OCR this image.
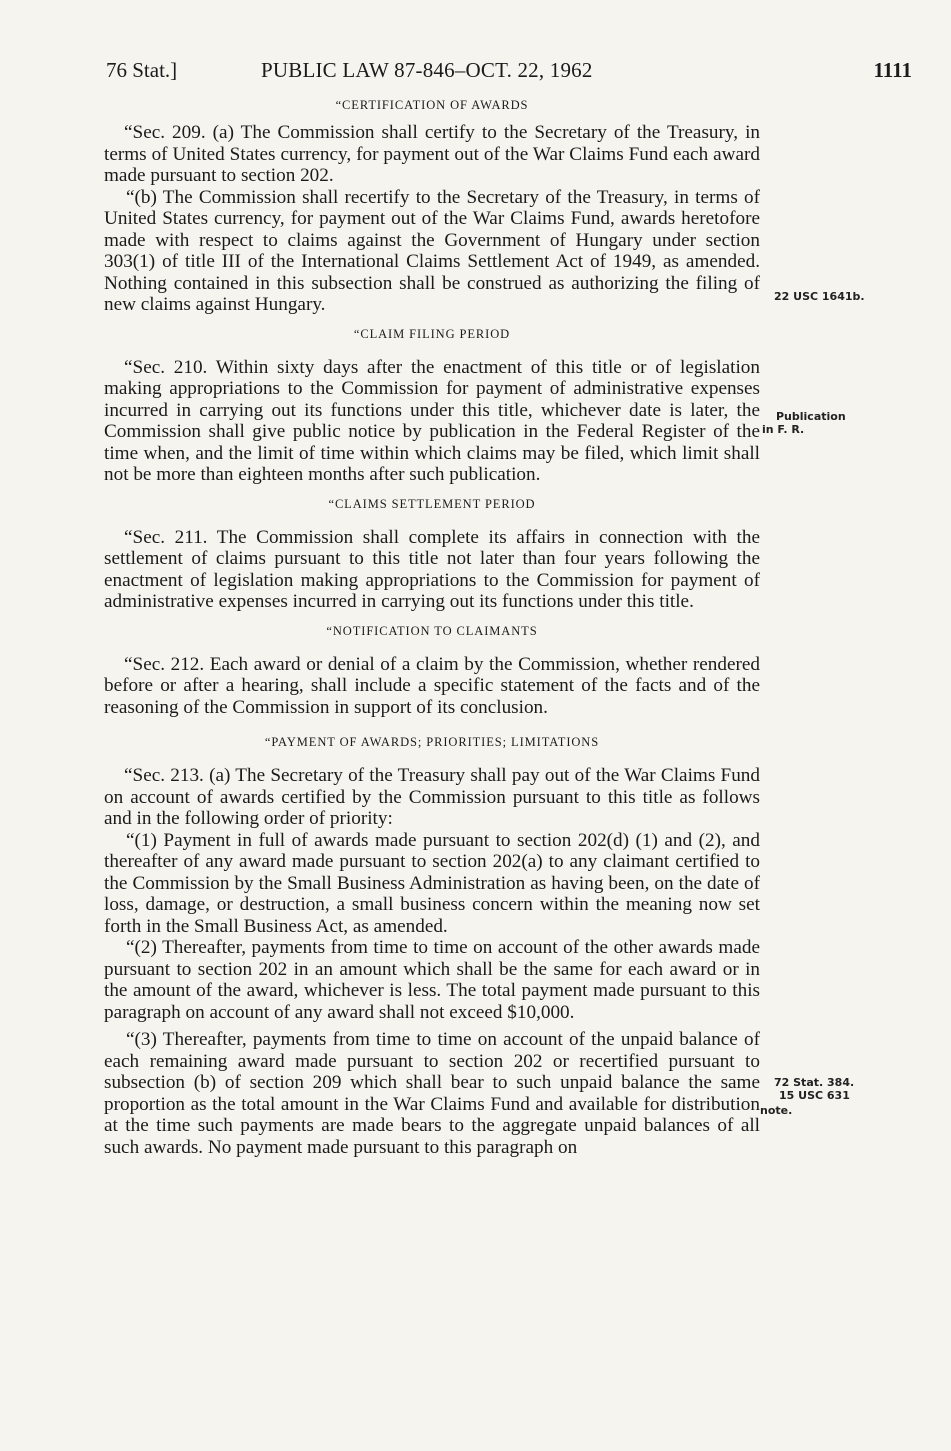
76 Stat.]	PUBLIC LAW 87-846–OCT. 22, 1962	1111
“CERTIFICATION OF AWARDS

“Sec. 209. (a) The Commission shall certify to the Secretary of the Treasury, in terms of United States currency, for payment out of the War Claims Fund each award made pursuant to section 202.

“(b) The Commission shall recertify to the Secretary of the Treasury, in terms of United States currency, for payment out of the War Claims Fund, awards heretofore made with respect to claims against the Government of Hungary under section 303(1) of title III of the International Claims Settlement Act of 1949, as amended. Nothing contained in this subsection shall be construed as authorizing the filing of new claims against Hungary.

“CLAIM FILING PERIOD

“Sec. 210. Within sixty days after the enactment of this title or of legislation making appropriations to the Commission for payment of administrative expenses incurred in carrying out its functions under this title, whichever date is later, the Commission shall give public notice by publication in the Federal Register of the time when, and the limit of time within which claims may be filed, which limit shall not be more than eighteen months after such publication.

“CLAIMS SETTLEMENT PERIOD

“Sec. 211. The Commission shall complete its affairs in connection with the settlement of claims pursuant to this title not later than four years following the enactment of legislation making appropriations to the Commission for payment of administrative expenses incurred in carrying out its functions under this title.

“NOTIFICATION TO CLAIMANTS

“Sec. 212. Each award or denial of a claim by the Commission, whether rendered before or after a hearing, shall include a specific statement of the facts and of the reasoning of the Commission in support of its conclusion.

“PAYMENT OF AWARDS; PRIORITIES; LIMITATIONS

“Sec. 213. (a) The Secretary of the Treasury shall pay out of the War Claims Fund on account of awards certified by the Commission pursuant to this title as follows and in the following order of priority:

“(1) Payment in full of awards made pursuant to section 202(d) (1) and (2), and thereafter of any award made pursuant to section 202(a) to any claimant certified to the Commission by the Small Business Administration as having been, on the date of loss, damage, or destruction, a small business concern within the meaning now set forth in the Small Business Act, as amended.

“(2) Thereafter, payments from time to time on account of the other awards made pursuant to section 202 in an amount which shall be the same for each award or in the amount of the award, whichever is less. The total payment made pursuant to this paragraph on account of any award shall not exceed $10,000.

“(3) Thereafter, payments from time to time on account of the unpaid balance of each remaining award made pursuant to section 202 or recertified pursuant to subsection (b) of section 209 which shall bear to such unpaid balance the same proportion as the total amount in the War Claims Fund and available for distribution at the time such payments are made bears to the aggregate unpaid balances of all such awards. No payment made pursuant to this paragraph on

22 USC 1641b.
Publication
in F. R.
72 Stat. 384.
15 USC 631
note.
